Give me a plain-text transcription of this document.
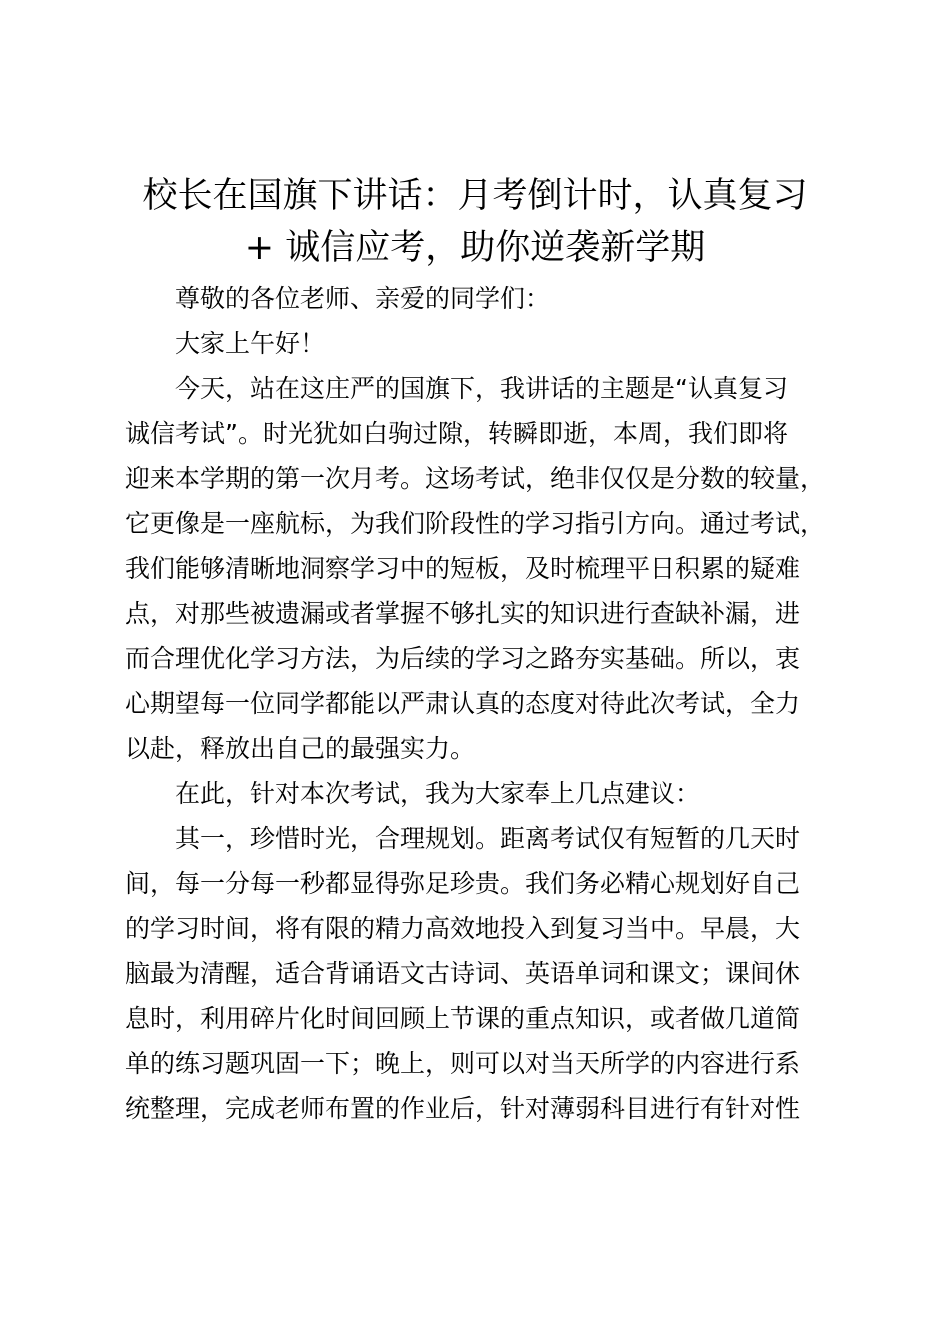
校长在国旗下讲话：月考倒计时，认真复习
+ 诚信应考，助你逆袭新学期

尊敬的各位老师、亲爱的同学们：

大家上午好！

今天，站在这庄严的国旗下，我讲话的主题是“认真复习
诚信考试”。时光犹如白驹过隙，转瞬即逝，本周，我们即将
迎来本学期的第一次月考。这场考试，绝非仅仅是分数的较量，
它更像是一座航标，为我们阶段性的学习指引方向。通过考试，
我们能够清晰地洞察学习中的短板，及时梳理平日积累的疑难
点，对那些被遗漏或者掌握不够扎实的知识进行查缺补漏，进
而合理优化学习方法，为后续的学习之路夯实基础。所以，衷
心期望每一位同学都能以严肃认真的态度对待此次考试，全力
以赴，释放出自己的最强实力。

在此，针对本次考试，我为大家奉上几点建议：

其一，珍惜时光，合理规划。距离考试仅有短暂的几天时
间，每一分每一秒都显得弥足珍贵。我们务必精心规划好自己
的学习时间，将有限的精力高效地投入到复习当中。早晨，大
脑最为清醒，适合背诵语文古诗词、英语单词和课文；课间休
息时，利用碎片化时间回顾上节课的重点知识，或者做几道简
单的练习题巩固一下；晚上，则可以对当天所学的内容进行系
统整理，完成老师布置的作业后，针对薄弱科目进行有针对性
